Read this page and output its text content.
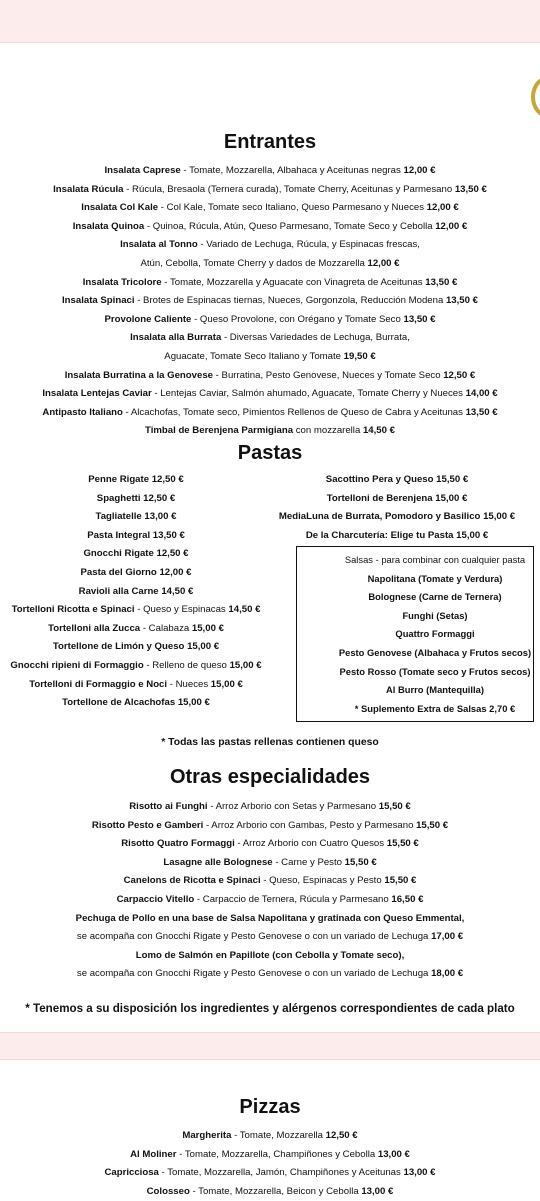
Entrantes
Insalata Caprese - Tomate, Mozzarella, Albahaca y Aceitunas negras 12,00 €
Insalata Rúcula - Rúcula, Bresaola (Ternera curada), Tomate Cherry, Aceitunas y Parmesano 13,50 €
Insalata Col Kale - Col Kale, Tomate seco Italiano, Queso Parmesano y Nueces 12,00 €
Insalata Quinoa - Quinoa, Rúcula, Atún, Queso Parmesano, Tomate Seco y Cebolla 12,00 €
Insalata al Tonno - Variado de Lechuga, Rúcula, y Espinacas frescas,
Atún, Cebolla, Tomate Cherry y dados de Mozzarella 12,00 €
Insalata Tricolore - Tomate, Mozzarella y Aguacate con Vinagreta de Aceitunas 13,50 €
Insalata Spinaci - Brotes de Espinacas tiernas, Nueces, Gorgonzola, Reducción Modena 13,50 €
Provolone Caliente - Queso Provolone, con Orégano y Tomate Seco 13,50 €
Insalata alla Burrata - Diversas Variedades de Lechuga, Burrata,
Aguacate, Tomate Seco Italiano y Tomate 19,50 €
Insalata Burratina a la Genovese - Burratina, Pesto Genovese, Nueces y Tomate Seco 12,50 €
Insalata Lentejas Caviar - Lentejas Caviar, Salmón ahumado, Aguacate, Tomate Cherry y Nueces 14,00 €
Antipasto Italiano - Alcachofas, Tomate seco, Pimientos Rellenos de Queso de Cabra y Aceitunas 13,50 €
Timbal de Berenjena Parmigiana con mozzarella 14,50 €
Pastas
Penne Rigate 12,50 €
Spaghetti 12,50 €
Tagliatelle 13,00 €
Pasta Integral 13,50 €
Gnocchi Rigate 12,50 €
Pasta del Giorno 12,00 €
Ravioli alla Carne 14,50 €
Tortelloni Ricotta e Spinaci - Queso y Espinacas 14,50 €
Tortelloni alla Zucca - Calabaza 15,00 €
Tortellone de Limón y Queso 15,00 €
Gnocchi ripieni di Formaggio - Relleno de queso 15,00 €
Tortelloni di Formaggio e Noci - Nueces 15,00 €
Tortellone de Alcachofas 15,00 €
Sacottino Pera y Queso 15,50 €
Tortelloni de Berenjena 15,00 €
MediaLuna de Burrata, Pomodoro y Basilico 15,00 €
De la Charcutería: Elige tu Pasta 15,00 €
Salsas - para combinar con cualquier pasta
Napolitana (Tomate y Verdura)
Bolognese (Carne de Ternera)
Funghi (Setas)
Quattro Formaggi
Pesto Genovese (Albahaca y Frutos secos)
Pesto Rosso (Tomate seco y Frutos secos)
Al Burro (Mantequilla)
* Suplemento Extra de Salsas 2,70 €
* Todas las pastas rellenas contienen queso
Otras especialidades
Risotto ai Funghi - Arroz Arborio con Setas y Parmesano 15,50 €
Risotto Pesto e Gamberi - Arroz Arborio con Gambas, Pesto y Parmesano 15,50 €
Risotto Quatro Formaggi - Arroz Arborio con Cuatro Quesos 15,50 €
Lasagne alle Bolognese - Carne y Pesto 15,50 €
Canelons de Ricotta e Spinaci - Queso, Espinacas y Pesto 15,50 €
Carpaccio Vitello - Carpaccio de Ternera, Rúcula y Parmesano 16,50 €
Pechuga de Pollo en una base de Salsa Napolitana y gratinada con Queso Emmental,
se acompaña con Gnocchi Rigate y Pesto Genovese o con un variado de Lechuga 17,00 €
Lomo de Salmón en Papillote (con Cebolla y Tomate seco),
se acompaña con Gnocchi Rigate y Pesto Genovese o con un variado de Lechuga 18,00 €
* Tenemos a su disposición los ingredientes y alérgenos correspondientes de cada plato
Pizzas
Margherita - Tomate, Mozzarella 12,50 €
Al Moliner - Tomate, Mozzarella, Champiñones y Cebolla 13,00 €
Capricciosa - Tomate, Mozzarella, Jamón, Champiñones y Aceitunas 13,00 €
Colosseo - Tomate, Mozzarella, Beicon y Cebolla 13,00 €
